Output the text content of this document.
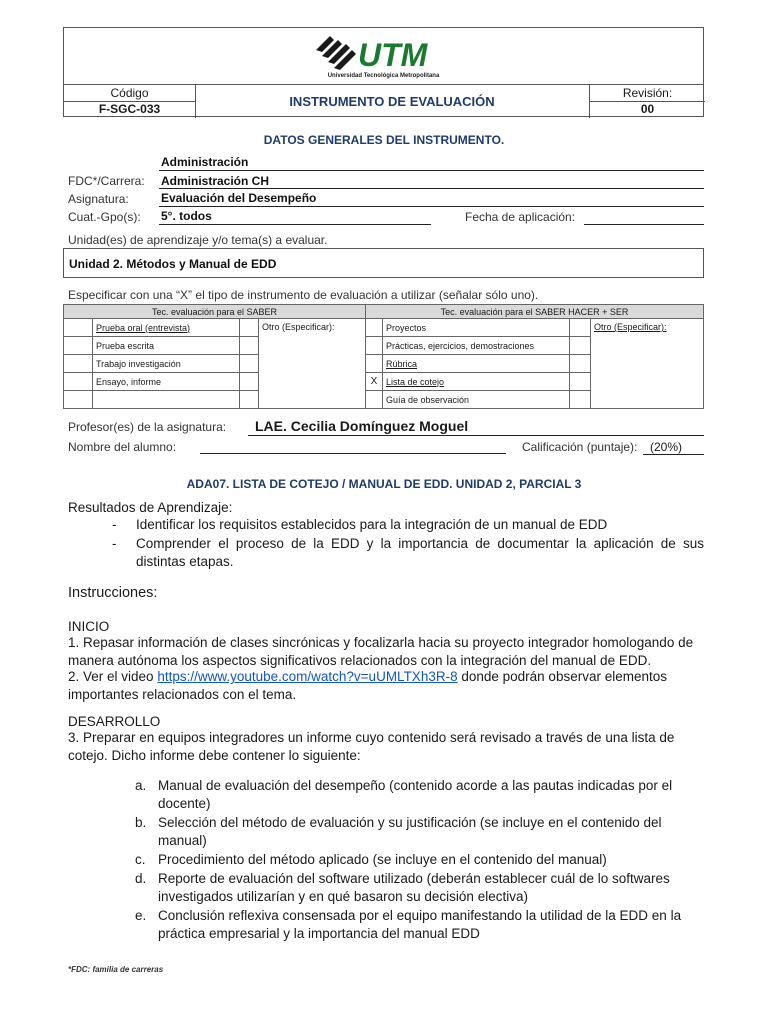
UTM
Universidad Tecnológica Metropolitana
Código
F-SGC-033	INSTRUMENTO DE EVALUACIÓN
Revisión:
00
DATOS GENERALES DEL INSTRUMENTO.
Administración
FDC*/Carrera: Administración CH
Asignatura:	Evaluación del Desempeño
Cuat.-Gpo(s): 5°. todos	Fecha de aplicación:
Unidad(es) de aprendizaje y/o tema(s) a evaluar.
Unidad 2. Métodos y Manual de EDD
Especificar con una “X” el tipo de instrumento de evaluación a utilizar (señalar sólo uno).
Tec. evaluación para el SABER				Tec. evaluación para el SABER HACER + SER			
	Prueba oral (entrevista)		Otro (Especificar):		Proyectos		Otro (Especificar):
	Prueba escrita				Prácticas, ejercicios, demostraciones		
	Trabajo investigación				Rúbrica		
	Ensayo, informe			X	Lista de cotejo		
					Guía de observación		
Profesor(es) de la asignatura: LAE. Cecilia Domínguez Moguel
Nombre del alumno:	Calificación (puntaje): (20%)
ADA07. LISTA DE COTEJO / MANUAL DE EDD. UNIDAD 2, PARCIAL 3
Resultados de Aprendizaje:
- Identificar los requisitos establecidos para la integración de un manual de EDD
- Comprender el proceso de la EDD y la importancia de documentar la aplicación de sus distintas etapas.
Instrucciones:
INICIO
1. Repasar información de clases sincrónicas y focalizarla hacia su proyecto integrador homologando de manera autónoma los aspectos significativos relacionados con la integración del manual de EDD.
2. Ver el video https://www.youtube.com/watch?v=uUMLTXh3R-8 donde podrán observar elementos importantes relacionados con el tema.
DESARROLLO
3. Preparar en equipos integradores un informe cuyo contenido será revisado a través de una lista de cotejo. Dicho informe debe contener lo siguiente:
a. Manual de evaluación del desempeño (contenido acorde a las pautas indicadas por el docente)
b. Selección del método de evaluación y su justificación (se incluye en el contenido del manual)
c. Procedimiento del método aplicado (se incluye en el contenido del manual)
d. Reporte de evaluación del software utilizado (deberán establecer cuál de lo softwares investigados utilizarían y en qué basaron su decisión electiva)
e. Conclusión reflexiva consensada por el equipo manifestando la utilidad de la EDD en la práctica empresarial y la importancia del manual EDD
*FDC: familia de carreras
